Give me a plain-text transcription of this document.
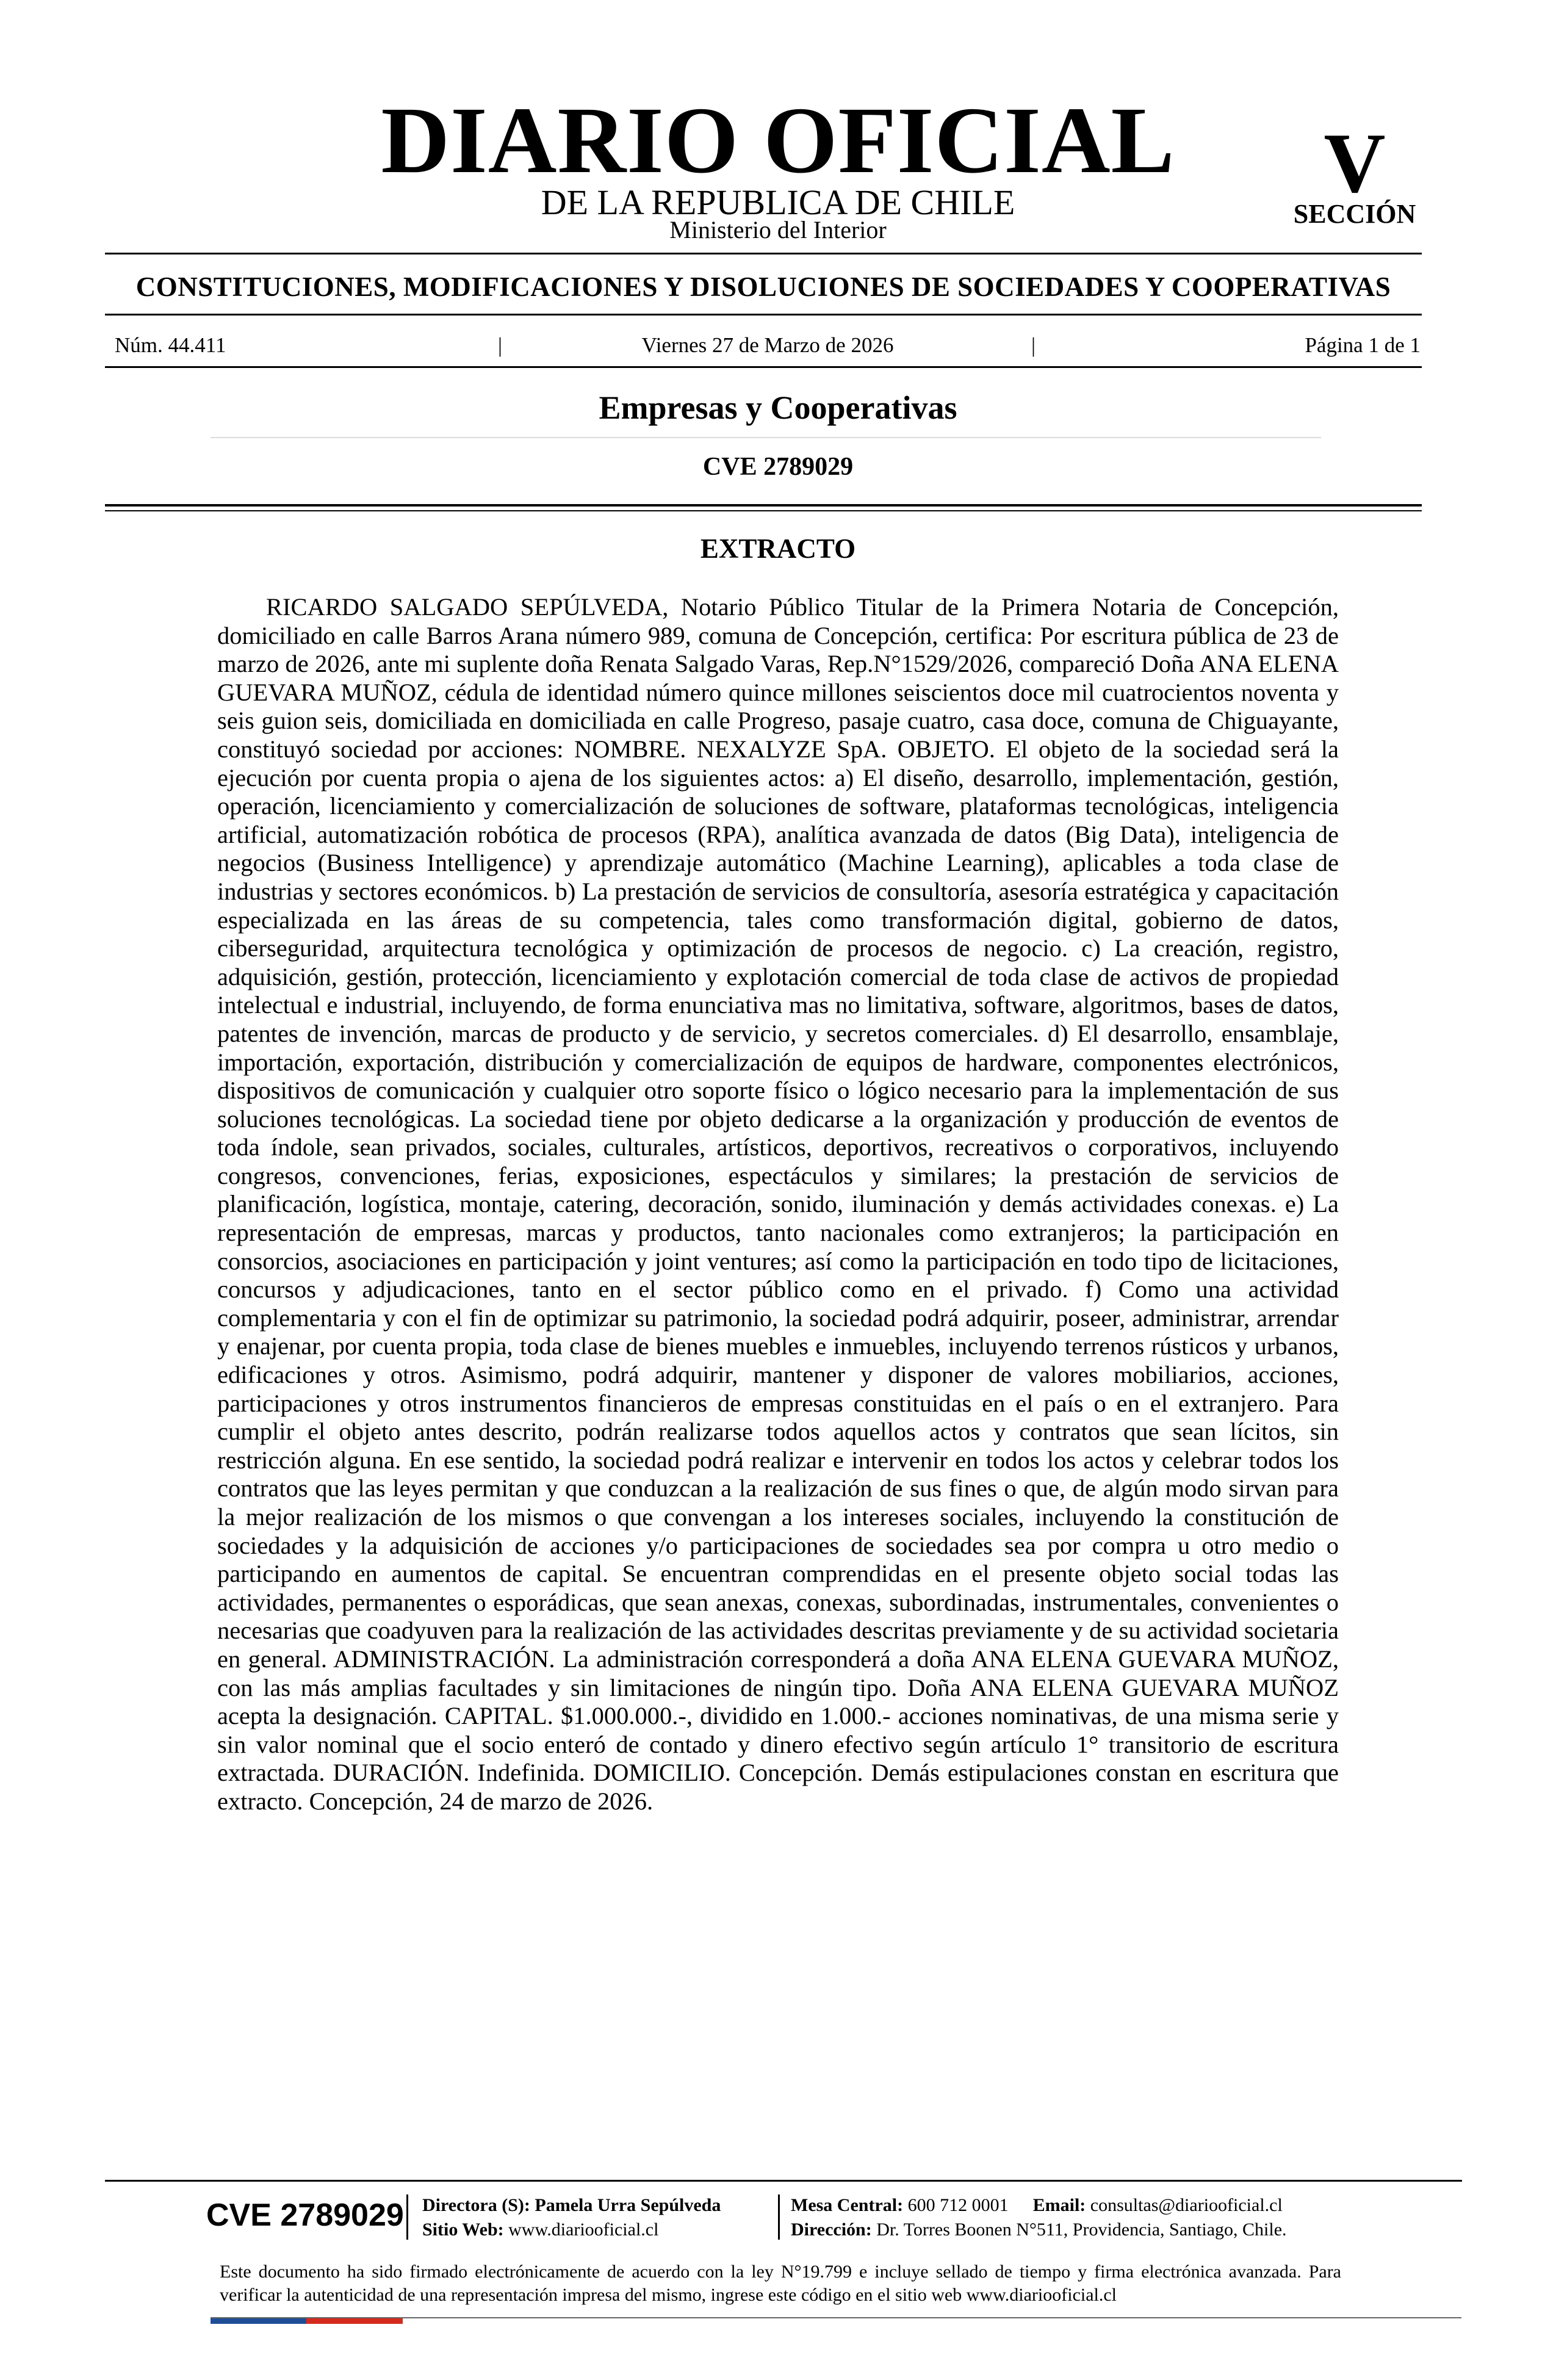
DIARIO OFICIAL
DE LA REPUBLICA DE CHILE
Ministerio del Interior
V
SECCIÓN
CONSTITUCIONES, MODIFICACIONES Y DISOLUCIONES DE SOCIEDADES Y COOPERATIVAS
Núm. 44.411	|	Viernes 27 de Marzo de 2026	|	Página 1 de 1
Empresas y Cooperativas
CVE 2789029
EXTRACTO

RICARDO SALGADO SEPÚLVEDA, Notario Público Titular de la Primera Notaria de Concepción, domiciliado en calle Barros Arana número 989, comuna de Concepción, certifica: Por escritura pública de 23 de marzo de 2026, ante mi suplente doña Renata Salgado Varas, Rep.N°1529/2026, compareció Doña ANA ELENA GUEVARA MUÑOZ, cédula de identidad número quince millones seiscientos doce mil cuatrocientos noventa y seis guion seis, domiciliada en domiciliada en calle Progreso, pasaje cuatro, casa doce, comuna de Chiguayante, constituyó sociedad por acciones: NOMBRE. NEXALYZE SpA. OBJETO. El objeto de la sociedad será la ejecución por cuenta propia o ajena de los siguientes actos: a) El diseño, desarrollo, implementación, gestión, operación, licenciamiento y comercialización de soluciones de software, plataformas tecnológicas, inteligencia artificial, automatización robótica de procesos (RPA), analítica avanzada de datos (Big Data), inteligencia de negocios (Business Intelligence) y aprendizaje automático (Machine Learning), aplicables a toda clase de industrias y sectores económicos. b) La prestación de servicios de consultoría, asesoría estratégica y capacitación especializada en las áreas de su competencia, tales como transformación digital, gobierno de datos, ciberseguridad, arquitectura tecnológica y optimización de procesos de negocio. c) La creación, registro, adquisición, gestión, protección, licenciamiento y explotación comercial de toda clase de activos de propiedad intelectual e industrial, incluyendo, de forma enunciativa mas no limitativa, software, algoritmos, bases de datos, patentes de invención, marcas de producto y de servicio, y secretos comerciales. d) El desarrollo, ensamblaje, importación, exportación, distribución y comercialización de equipos de hardware, componentes electrónicos, dispositivos de comunicación y cualquier otro soporte físico o lógico necesario para la implementación de sus soluciones tecnológicas. La sociedad tiene por objeto dedicarse a la organización y producción de eventos de toda índole, sean privados, sociales, culturales, artísticos, deportivos, recreativos o corporativos, incluyendo congresos, convenciones, ferias, exposiciones, espectáculos y similares; la prestación de servicios de planificación, logística, montaje, catering, decoración, sonido, iluminación y demás actividades conexas. e) La representación de empresas, marcas y productos, tanto nacionales como extranjeros; la participación en consorcios, asociaciones en participación y joint ventures; así como la participación en todo tipo de licitaciones, concursos y adjudicaciones, tanto en el sector público como en el privado. f) Como una actividad complementaria y con el fin de optimizar su patrimonio, la sociedad podrá adquirir, poseer, administrar, arrendar y enajenar, por cuenta propia, toda clase de bienes muebles e inmuebles, incluyendo terrenos rústicos y urbanos, edificaciones y otros. Asimismo, podrá adquirir, mantener y disponer de valores mobiliarios, acciones, participaciones y otros instrumentos financieros de empresas constituidas en el país o en el extranjero. Para cumplir el objeto antes descrito, podrán realizarse todos aquellos actos y contratos que sean lícitos, sin restricción alguna. En ese sentido, la sociedad podrá realizar e intervenir en todos los actos y celebrar todos los contratos que las leyes permitan y que conduzcan a la realización de sus fines o que, de algún modo sirvan para la mejor realización de los mismos o que convengan a los intereses sociales, incluyendo la constitución de sociedades y la adquisición de acciones y/o participaciones de sociedades sea por compra u otro medio o participando en aumentos de capital. Se encuentran comprendidas en el presente objeto social todas las actividades, permanentes o esporádicas, que sean anexas, conexas, subordinadas, instrumentales, convenientes o necesarias que coadyuven para la realización de las actividades descritas previamente y de su actividad societaria en general. ADMINISTRACIÓN. La administración corresponderá a doña ANA ELENA GUEVARA MUÑOZ, con las más amplias facultades y sin limitaciones de ningún tipo. Doña ANA ELENA GUEVARA MUÑOZ acepta la designación. CAPITAL. $1.000.000.-, dividido en 1.000.- acciones nominativas, de una misma serie y sin valor nominal que el socio enteró de contado y dinero efectivo según artículo 1° transitorio de escritura extractada. DURACIÓN. Indefinida. DOMICILIO. Concepción. Demás estipulaciones constan en escritura que extracto. Concepción, 24 de marzo de 2026.

CVE 2789029 Directora (S): Pamela Urra Sepúlveda
Sitio Web: www.diariooficial.cl
Mesa Central: 600 712 0001 Email: consultas@diariooficial.cl
Dirección: Dr. Torres Boonen N°511, Providencia, Santiago, Chile.
Este documento ha sido firmado electrónicamente de acuerdo con la ley N°19.799 e incluye sellado de tiempo y firma electrónica avanzada. Para verificar la autenticidad de una representación impresa del mismo, ingrese este código en el sitio web www.diariooficial.cl
